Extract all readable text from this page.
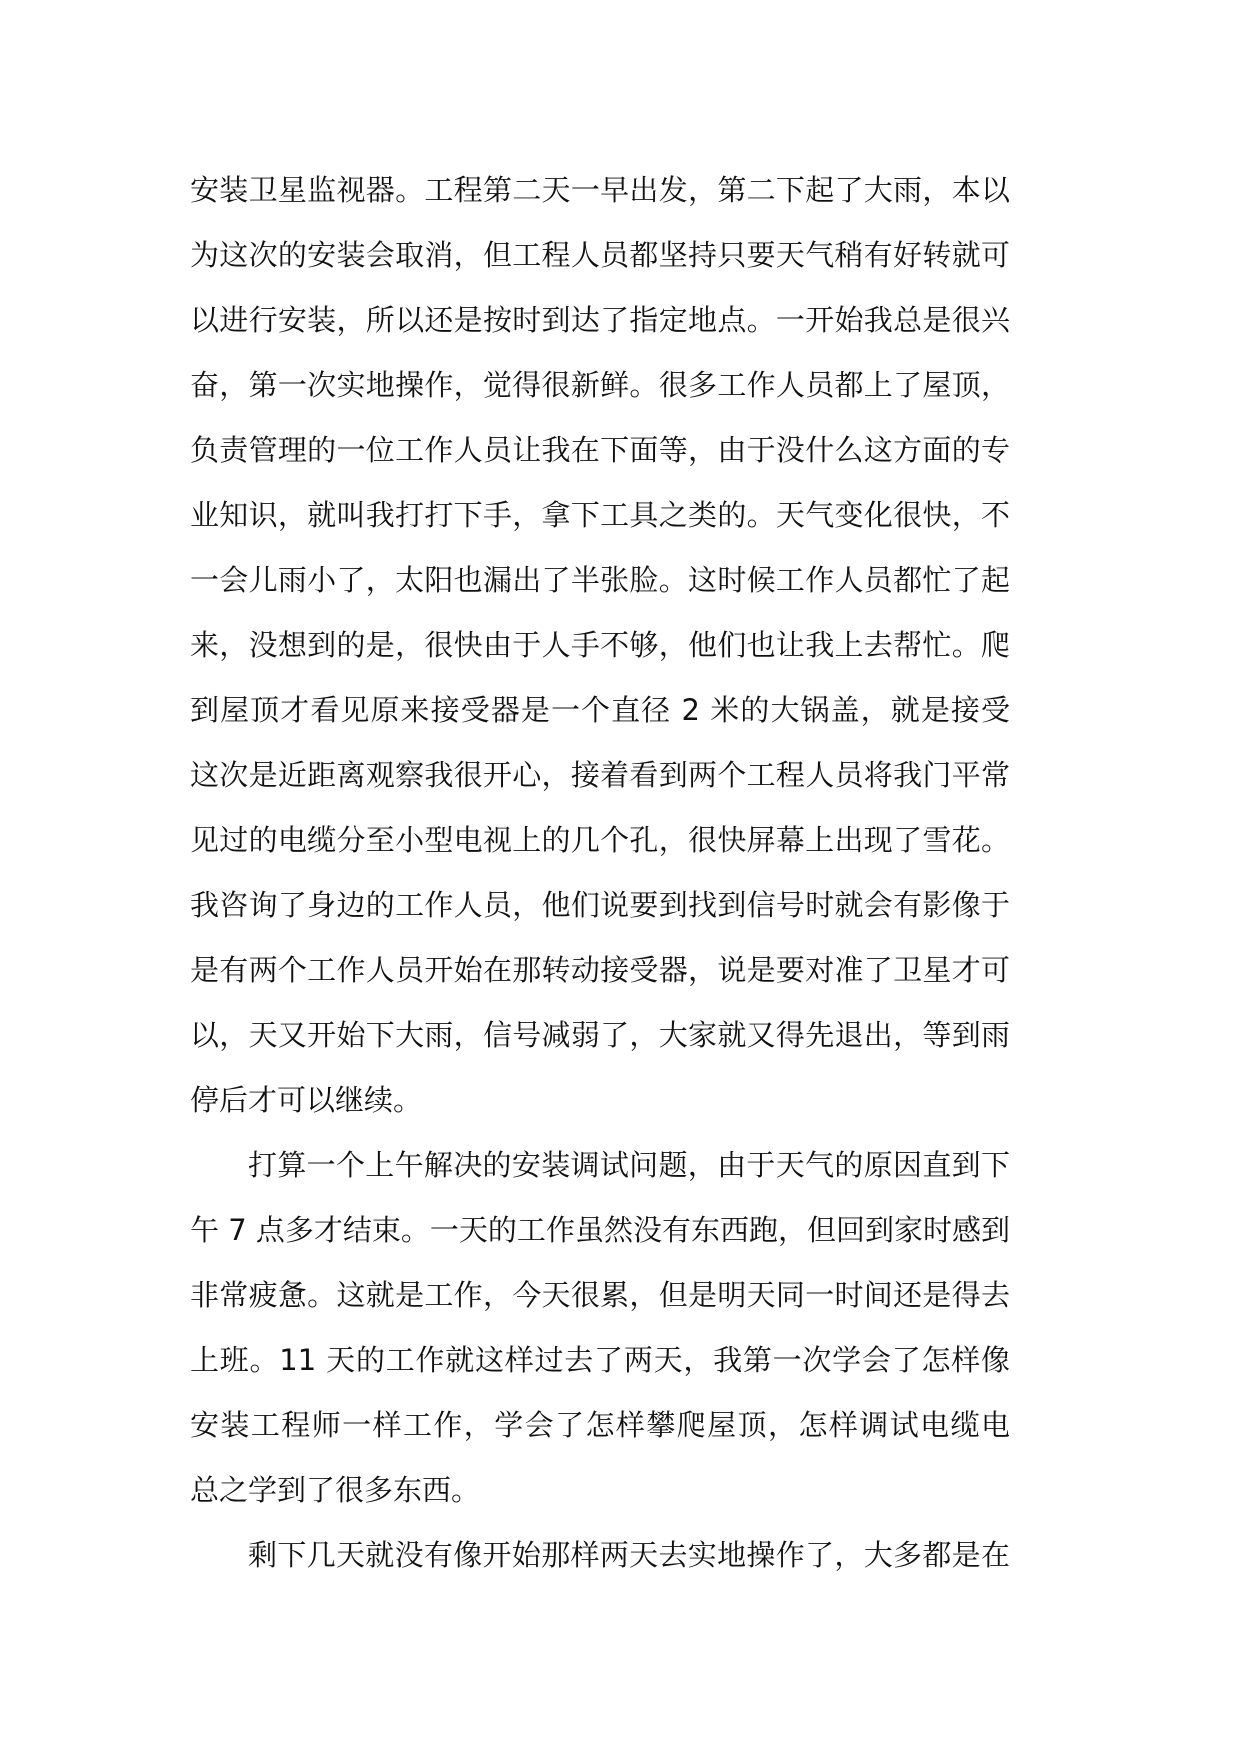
安装卫星监视器。工程第二天一早出发，第二下起了大雨，本以
为这次的安装会取消，但工程人员都坚持只要天气稍有好转就可
以进行安装，所以还是按时到达了指定地点。一开始我总是很兴
奋，第一次实地操作，觉得很新鲜。很多工作人员都上了屋顶，
负责管理的一位工作人员让我在下面等，由于没什么这方面的专
业知识，就叫我打打下手，拿下工具之类的。天气变化很快，不
一会儿雨小了，太阳也漏出了半张脸。这时候工作人员都忙了起
来，没想到的是，很快由于人手不够，他们也让我上去帮忙。爬
到屋顶才看见原来接受器是一个直径 2 米的大锅盖，就是接受
这次是近距离观察我很开心，接着看到两个工程人员将我门平常
见过的电缆分至小型电视上的几个孔，很快屏幕上出现了雪花。
我咨询了身边的工作人员，他们说要到找到信号时就会有影像于
是有两个工作人员开始在那转动接受器，说是要对准了卫星才可
以，天又开始下大雨，信号减弱了，大家就又得先退出，等到雨
停后才可以继续。
打算一个上午解决的安装调试问题，由于天气的原因直到下
午 7 点多才结束。一天的工作虽然没有东西跑，但回到家时感到
非常疲惫。这就是工作，今天很累，但是明天同一时间还是得去
上班。11 天的工作就这样过去了两天，我第一次学会了怎样像
安装工程师一样工作，学会了怎样攀爬屋顶，怎样调试电缆电
总之学到了很多东西。
剩下几天就没有像开始那样两天去实地操作了，大多都是在
